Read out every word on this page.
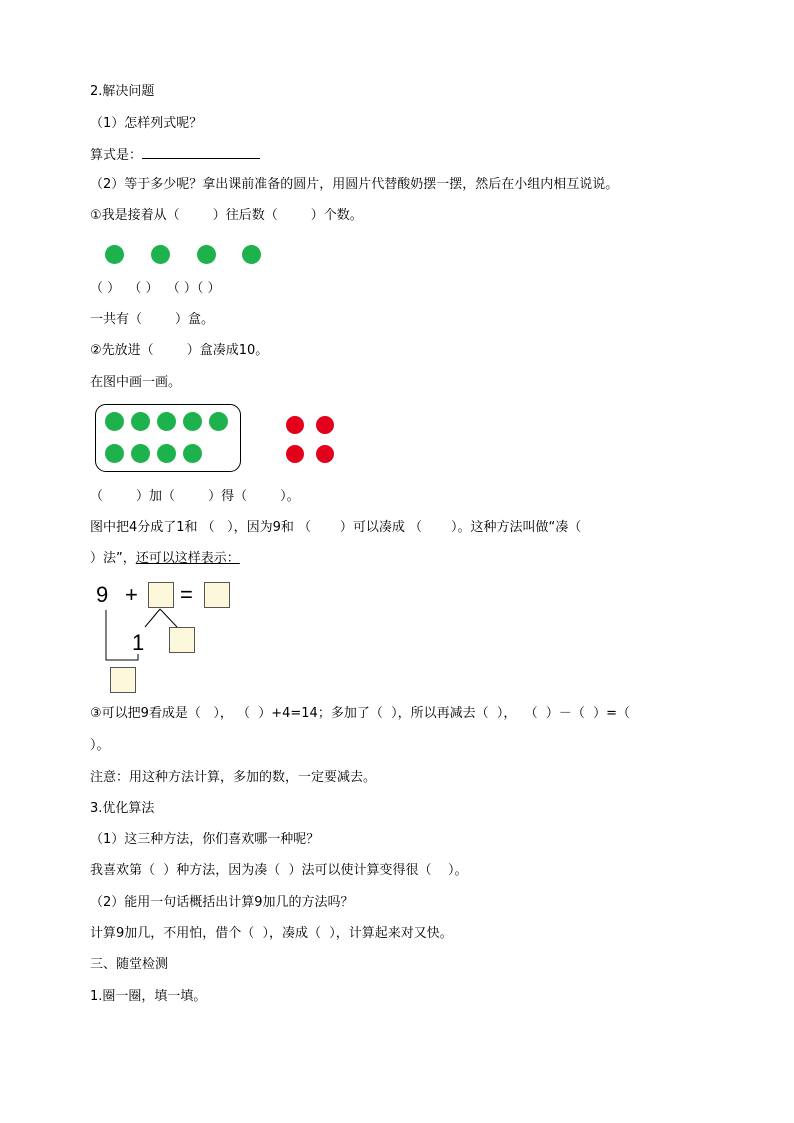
2.解决问题
（1）怎样列式呢？
算式是：
（2）等于多少呢？拿出课前准备的圆片，用圆片代替酸奶摆一摆，然后在小组内相互说说。
①我是接着从（        ）往后数（        ）个数。
（ ）  （ ）  （ ）（ ）
一共有（        ）盒。
②先放进（        ）盒凑成10。
在图中画一画。
（        ）加（        ）得（        ）。
图中把4分成了1和 （   ），因为9和 （       ）可以凑成 （       ）。这种方法叫做“凑（
）法”，还可以这样表示：
9 + =
1
③可以把9看成是（   ）， （  ）+4=14；多加了（  ），所以再减去（  ），  （  ）－（  ）=（
）。
注意：用这种方法计算，多加的数，一定要减去。
3.优化算法
（1）这三种方法，你们喜欢哪一种呢？
我喜欢第（  ）种方法，因为凑（  ）法可以使计算变得很（    ）。
（2）能用一句话概括出计算9加几的方法吗？
计算9加几，不用怕，借个（  ），凑成（  ），计算起来对又快。
三、随堂检测
1.圈一圈，填一填。
